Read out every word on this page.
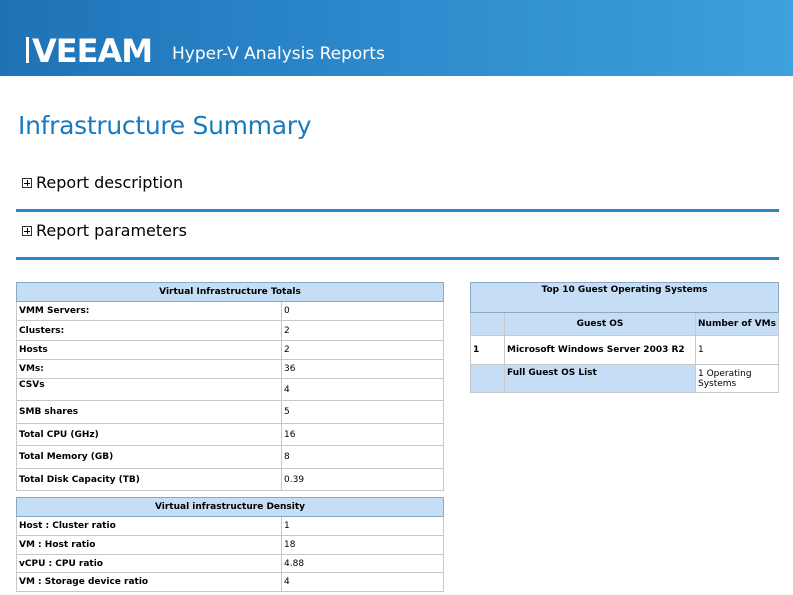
VEEAM Hyper-V Analysis Reports
Infrastructure Summary
Report description
Report parameters
Virtual Infrastructure Totals	
VMM Servers:	0
Clusters:	2
Hosts	2
VMs:	36
CSVs	4
SMB shares	5
Total CPU (GHz)	16
Total Memory (GB)	8
Total Disk Capacity (TB)	0.39
Virtual infrastructure Density	
Host : Cluster ratio	1
VM : Host ratio	18
vCPU : CPU ratio	4.88
VM : Storage device ratio	4
Top 10 Guest Operating Systems		
	Guest OS	Number of VMs
1	Microsoft Windows Server 2003 R2	1
	Full Guest OS List	1 Operating Systems
